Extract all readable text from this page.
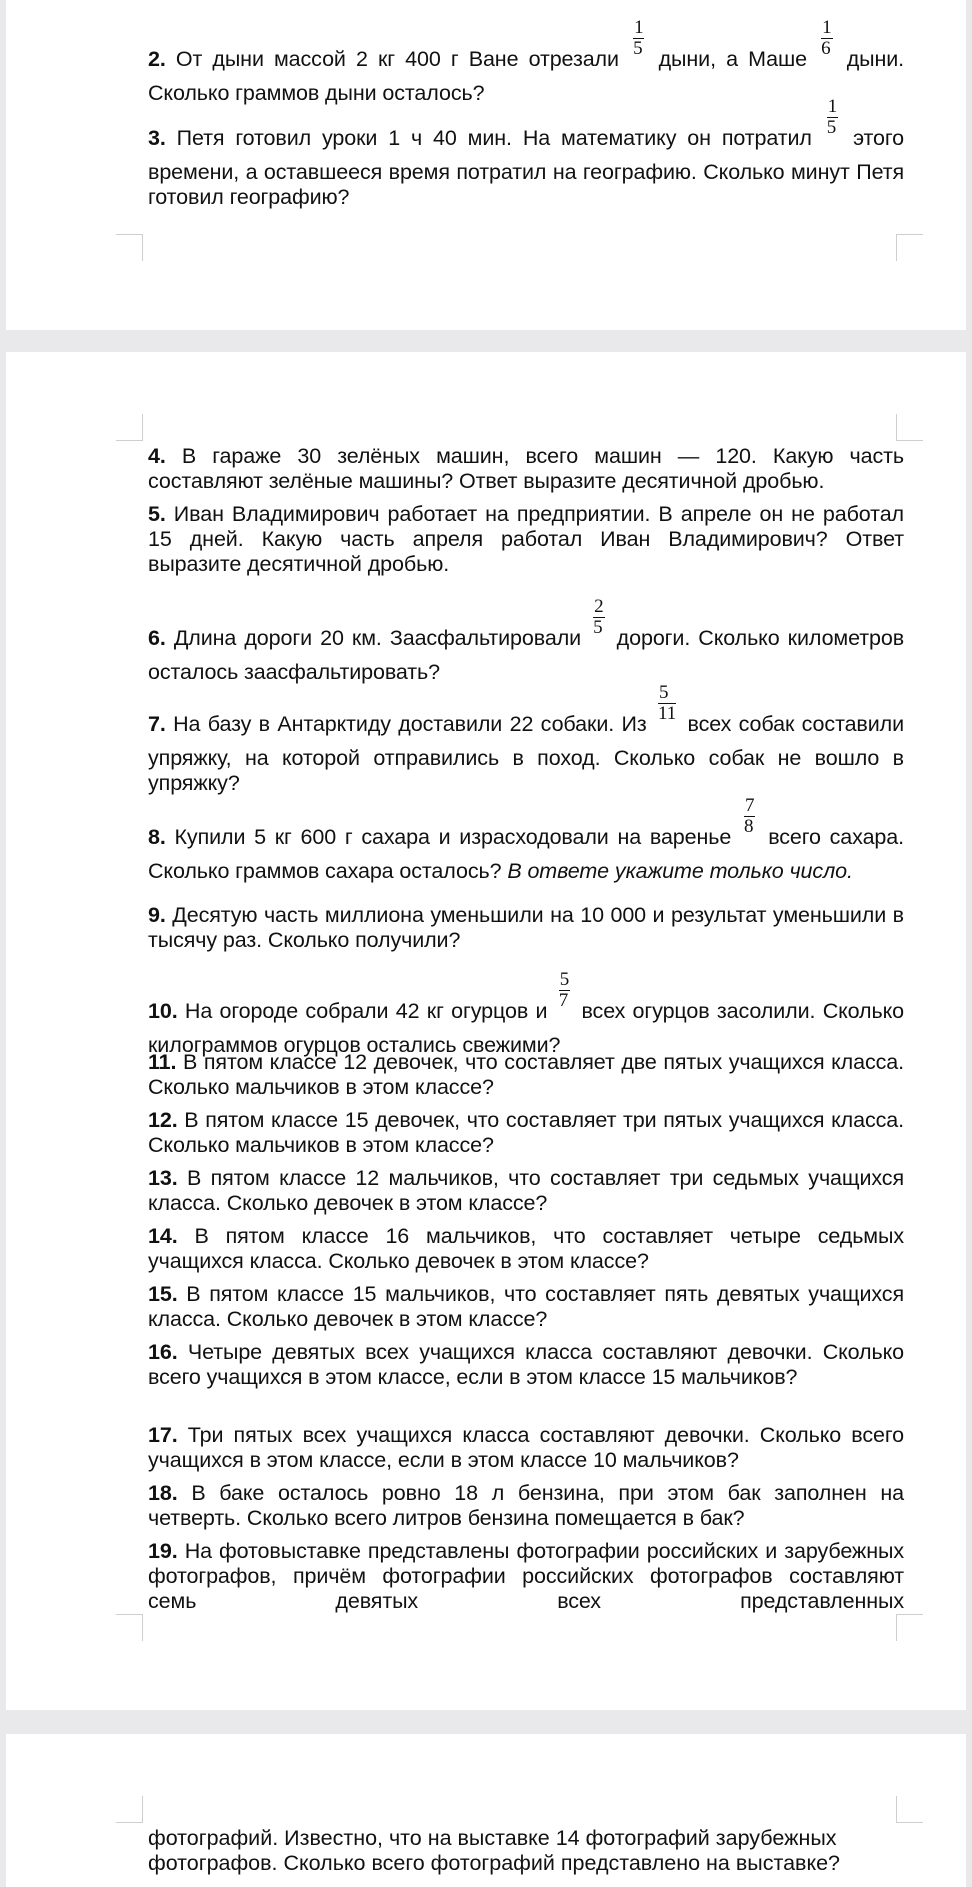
2. От дыни массой 2 кг 400 г Ване отрезали
$\frac{1}{5}$
дыни, а Маше
$\frac{1}{6}$
дыни. Сколько граммов дыни осталось?
3. Петя готовил уроки 1 ч 40 мин. На математику он потратил
$\frac{1}{5}$
этого времени, а оставшееся время потратил на географию. Сколько минут Петя готовил географию?
4. В гараже 30 зелёных машин, всего машин — 120. Какую часть составляют зелёные машины? Ответ выразите десятичной дробью.
5. Иван Владимирович работает на предприятии. В апреле он не работал 15 дней. Какую часть апреля работал Иван Владимирович? Ответ выразите десятичной дробью.
6. Длина дороги 20 км. Заасфальтировали
$\frac{2}{5}$
дороги. Сколько километров осталось заасфальтировать?
7. На базу в Антарктиду доставили 22 собаки. Из
$\frac{5}{11}$
всех собак составили упряжку, на которой отправились в поход. Сколько собак не вошло в упряжку?
8. Купили 5 кг 600 г сахара и израсходовали на варенье
$\frac{7}{8}$
всего сахара. Сколько граммов сахара осталось? В ответе укажите только число.
9. Десятую часть миллиона уменьшили на 10 000 и результат уменьшили в тысячу раз. Сколько получили?
10. На огороде собрали 42 кг огурцов и
$\frac{5}{7}$
всех огурцов засолили. Сколько килограммов огурцов остались свежими?
11. В пятом классе 12 девочек, что составляет две пятых учащихся класса. Сколько мальчиков в этом классе?
12. В пятом классе 15 девочек, что составляет три пятых учащихся класса. Сколько мальчиков в этом классе?
13. В пятом классе 12 мальчиков, что составляет три седьмых учащихся класса. Сколько девочек в этом классе?
14. В пятом классе 16 мальчиков, что составляет четыре седьмых учащихся класса. Сколько девочек в этом классе?
15. В пятом классе 15 мальчиков, что составляет пять девятых учащихся класса. Сколько девочек в этом классе?
16. Четыре девятых всех учащихся класса составляют девочки. Сколько всего учащихся в этом классе, если в этом классе 15 мальчиков?
17. Три пятых всех учащихся класса составляют девочки. Сколько всего учащихся в этом классе, если в этом классе 10 мальчиков?
18. В баке осталось ровно 18 л бензина, при этом бак заполнен на четверть. Сколько всего литров бензина помещается в бак?
19. На фотовыставке представлены фотографии российских и зарубежных фотографов, причём фотографии российских фотографов составляют семь девятых всех представленных
фотографий. Известно, что на выставке 14 фотографий зарубежных фотографов. Сколько всего фотографий представлено на выставке?
